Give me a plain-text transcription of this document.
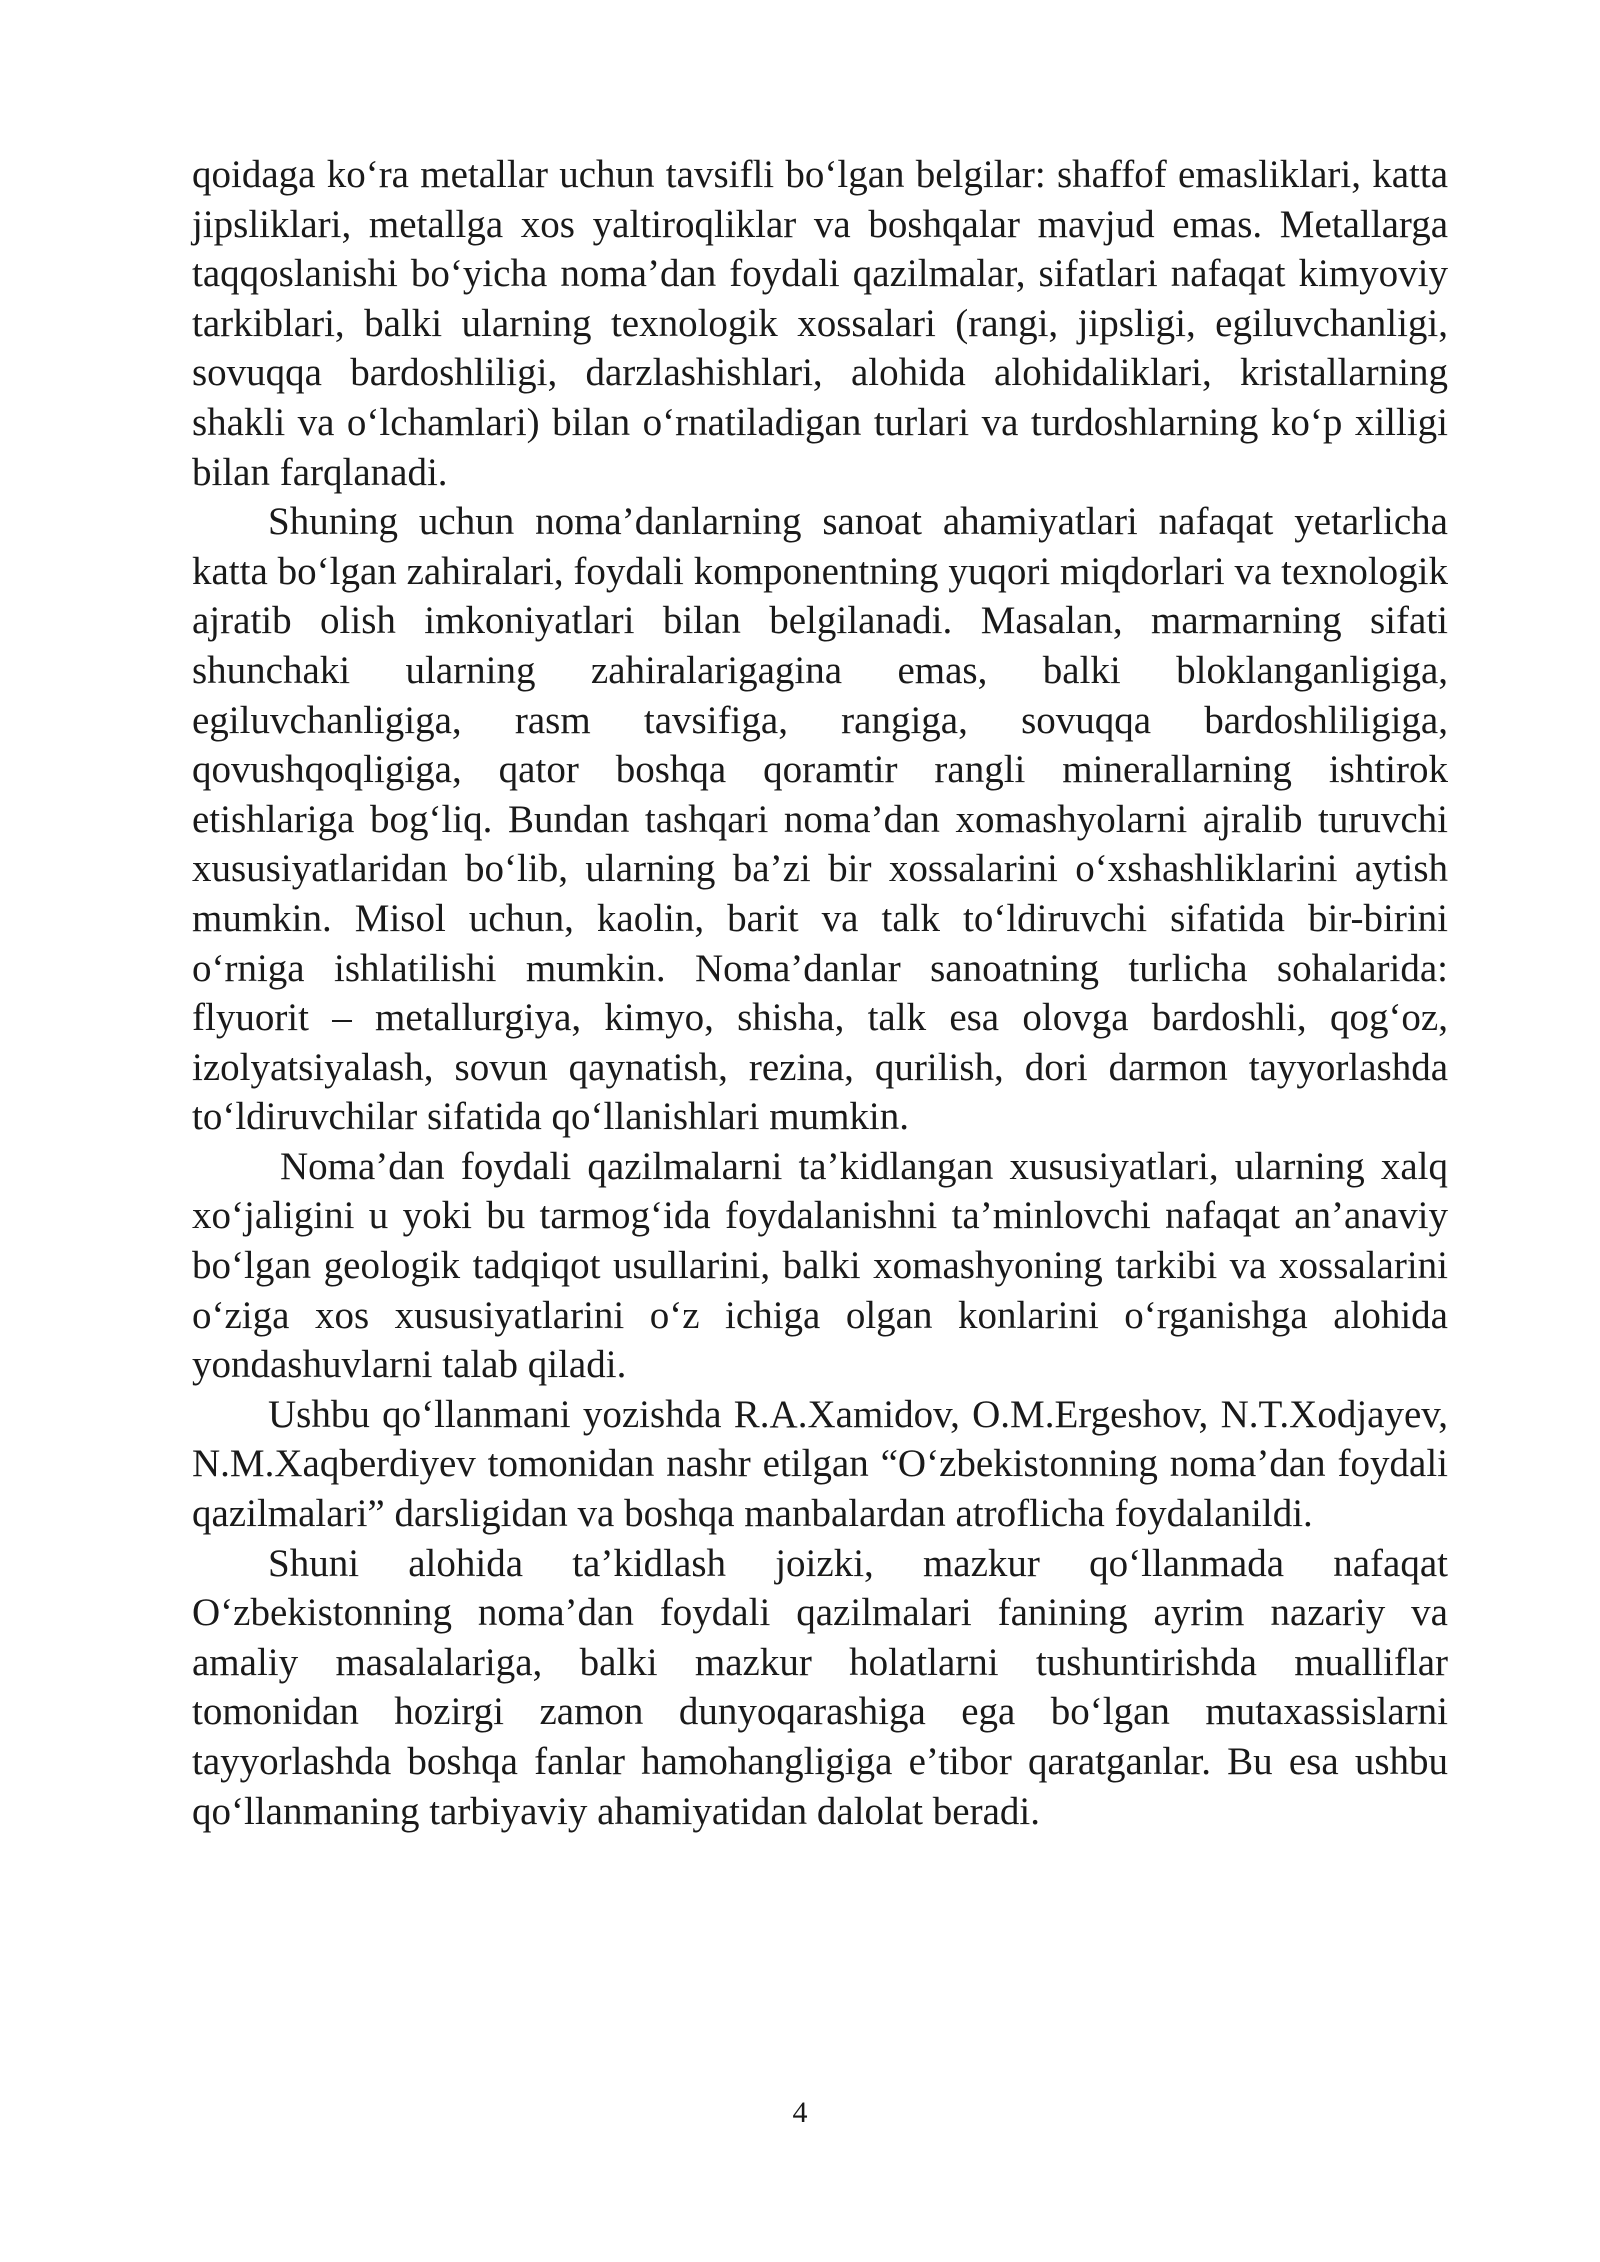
qoidaga ko‘ra metallar uchun tavsifli bo‘lgan belgilar: shaffof emasliklari, katta jipsliklari, metallga xos yaltiroqliklar va boshqalar mavjud emas. Metallarga taqqoslanishi bo‘yicha noma’dan foydali qazilmalar, sifatlari nafaqat kimyoviy tarkiblari, balki ularning texnologik xossalari (rangi, jipsligi, egiluvchanligi, sovuqqa bardoshliligi, darzlashishlari, alohida alohidaliklari, kristallarning shakli va o‘lchamlari) bilan o‘rnatiladigan turlari va turdoshlarning ko‘p xilligi bilan farqlanadi.

Shuning uchun noma’danlarning sanoat ahamiyatlari nafaqat yetarlicha katta bo‘lgan zahiralari, foydali komponentning yuqori miqdorlari va texnologik ajratib olish imkoniyatlari bilan belgilanadi. Masalan, marmarning sifati shunchaki ularning zahiralarigagina emas, balki bloklanganligiga, egiluvchanligiga, rasm tavsifiga, rangiga, sovuqqa bardoshliligiga, qovushqoqligiga, qator boshqa qoramtir rangli minerallarning ishtirok etishlariga bog‘liq. Bundan tashqari noma’dan xomashyolarni ajralib turuvchi xususiyatlaridan bo‘lib, ularning ba’zi bir xossalarini o‘xshashliklarini aytish mumkin. Misol uchun, kaolin, barit va talk to‘ldiruvchi sifatida bir-birini o‘rniga ishlatilishi mumkin. Noma’danlar sanoatning turlicha sohalarida: flyuorit – metallurgiya, kimyo, shisha, talk esa olovga bardoshli, qog‘oz, izolyatsiyalash, sovun qaynatish, rezina, qurilish, dori darmon tayyorlashda to‘ldiruvchilar sifatida qo‘llanishlari mumkin.

Noma’dan foydali qazilmalarni ta’kidlangan xususiyatlari, ularning xalq xo‘jaligini u yoki bu tarmog‘ida foydalanishni ta’minlovchi nafaqat an’anaviy bo‘lgan geologik tadqiqot usullarini, balki xomashyoning tarkibi va xossalarini o‘ziga xos xususiyatlarini o‘z ichiga olgan konlarini o‘rganishga alohida yondashuvlarni talab qiladi.

Ushbu qo‘llanmani yozishda R.A.Xamidov, O.M.Ergeshov, N.T.Xodjayev, N.M.Xaqberdiyev tomonidan nashr etilgan “O‘zbekistonning noma’dan foydali qazilmalari” darsligidan va boshqa manbalardan atroflicha foydalanildi.

Shuni alohida ta’kidlash joizki, mazkur qo‘llanmada nafaqat O‘zbekistonning noma’dan foydali qazilmalari fanining ayrim nazariy va amaliy masalalariga, balki mazkur holatlarni tushuntirishda mualliflar tomonidan hozirgi zamon dunyoqarashiga ega bo‘lgan mutaxassislarni tayyorlashda boshqa fanlar hamohangligiga e’tibor qaratganlar. Bu esa ushbu qo‘llanmaning tarbiyaviy ahamiyatidan dalolat beradi.

4
